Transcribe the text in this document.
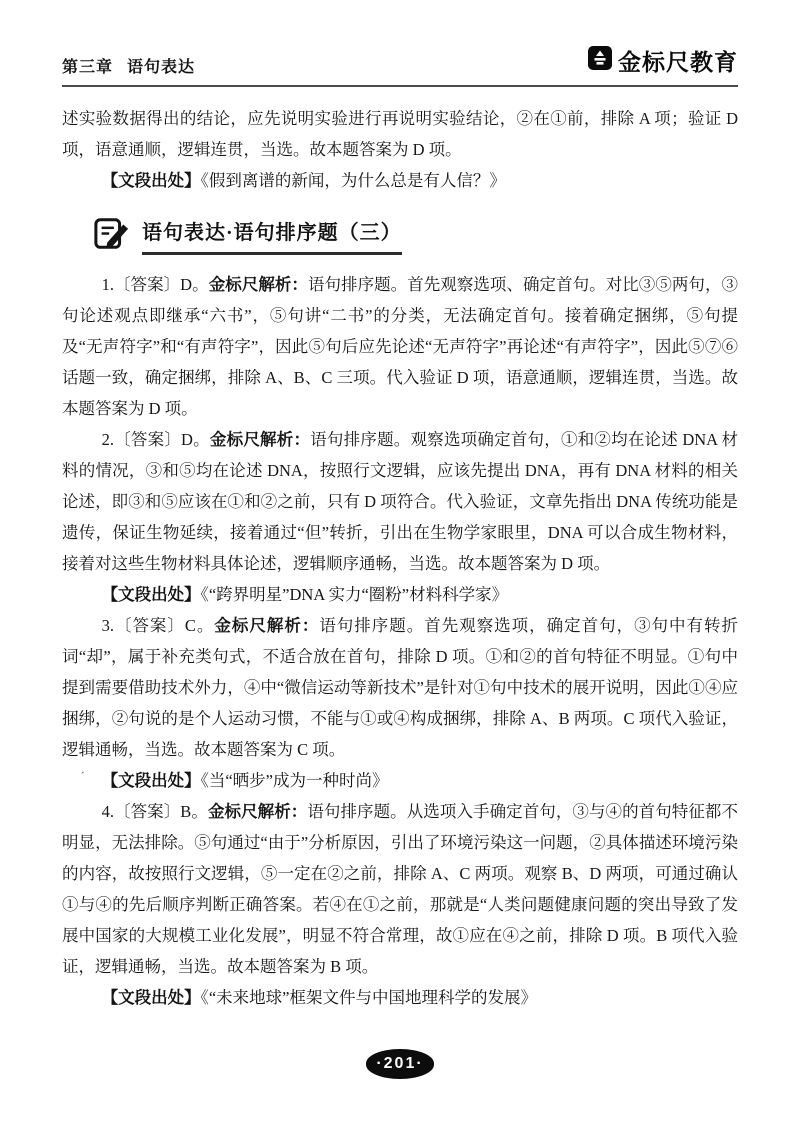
第三章 语句表达	金标尺教育

述实验数据得出的结论，应先说明实验进行再说明实验结论，②在①前，排除 A 项；验证 D 项，语意通顺，逻辑连贯，当选。故本题答案为 D 项。

【文段出处】《假到离谱的新闻，为什么总是有人信？》

语句表达·语句排序题（三）

1.〔答案〕D。金标尺解析：语句排序题。首先观察选项、确定首句。对比③⑤两句，③句论述观点即继承“六书”，⑤句讲“二书”的分类，无法确定首句。接着确定捆绑，⑤句提及“无声符字”和“有声符字”，因此⑤句后应先论述“无声符字”再论述“有声符字”，因此⑤⑦⑥话题一致，确定捆绑，排除 A、B、C 三项。代入验证 D 项，语意通顺，逻辑连贯，当选。故本题答案为 D 项。

2.〔答案〕D。金标尺解析：语句排序题。观察选项确定首句，①和②均在论述 DNA 材料的情况，③和⑤均在论述 DNA，按照行文逻辑，应该先提出 DNA，再有 DNA 材料的相关论述，即③和⑤应该在①和②之前，只有 D 项符合。代入验证，文章先指出 DNA 传统功能是遗传，保证生物延续，接着通过“但”转折，引出在生物学家眼里，DNA 可以合成生物材料，接着对这些生物材料具体论述，逻辑顺序通畅，当选。故本题答案为 D 项。

【文段出处】《“跨界明星”DNA 实力“圈粉”材料科学家》

3.〔答案〕C。金标尺解析：语句排序题。首先观察选项，确定首句，③句中有转折词“却”，属于补充类句式，不适合放在首句，排除 D 项。①和②的首句特征不明显。①句中提到需要借助技术外力，④中“微信运动等新技术”是针对①句中技术的展开说明，因此①④应捆绑，②句说的是个人运动习惯，不能与①或④构成捆绑，排除 A、B 两项。C 项代入验证，逻辑通畅，当选。故本题答案为 C 项。

ˊ 【文段出处】《当“晒步”成为一种时尚》

4.〔答案〕B。金标尺解析：语句排序题。从选项入手确定首句，③与④的首句特征都不明显，无法排除。⑤句通过“由于”分析原因，引出了环境污染这一问题，②具体描述环境污染的内容，故按照行文逻辑，⑤一定在②之前，排除 A、C 两项。观察 B、D 两项，可通过确认①与④的先后顺序判断正确答案。若④在①之前，那就是“人类问题健康问题的突出导致了发展中国家的大规模工业化发展”，明显不符合常理，故①应在④之前，排除 D 项。B 项代入验证，逻辑通畅，当选。故本题答案为 B 项。

【文段出处】《“未来地球”框架文件与中国地理科学的发展》

·201·
